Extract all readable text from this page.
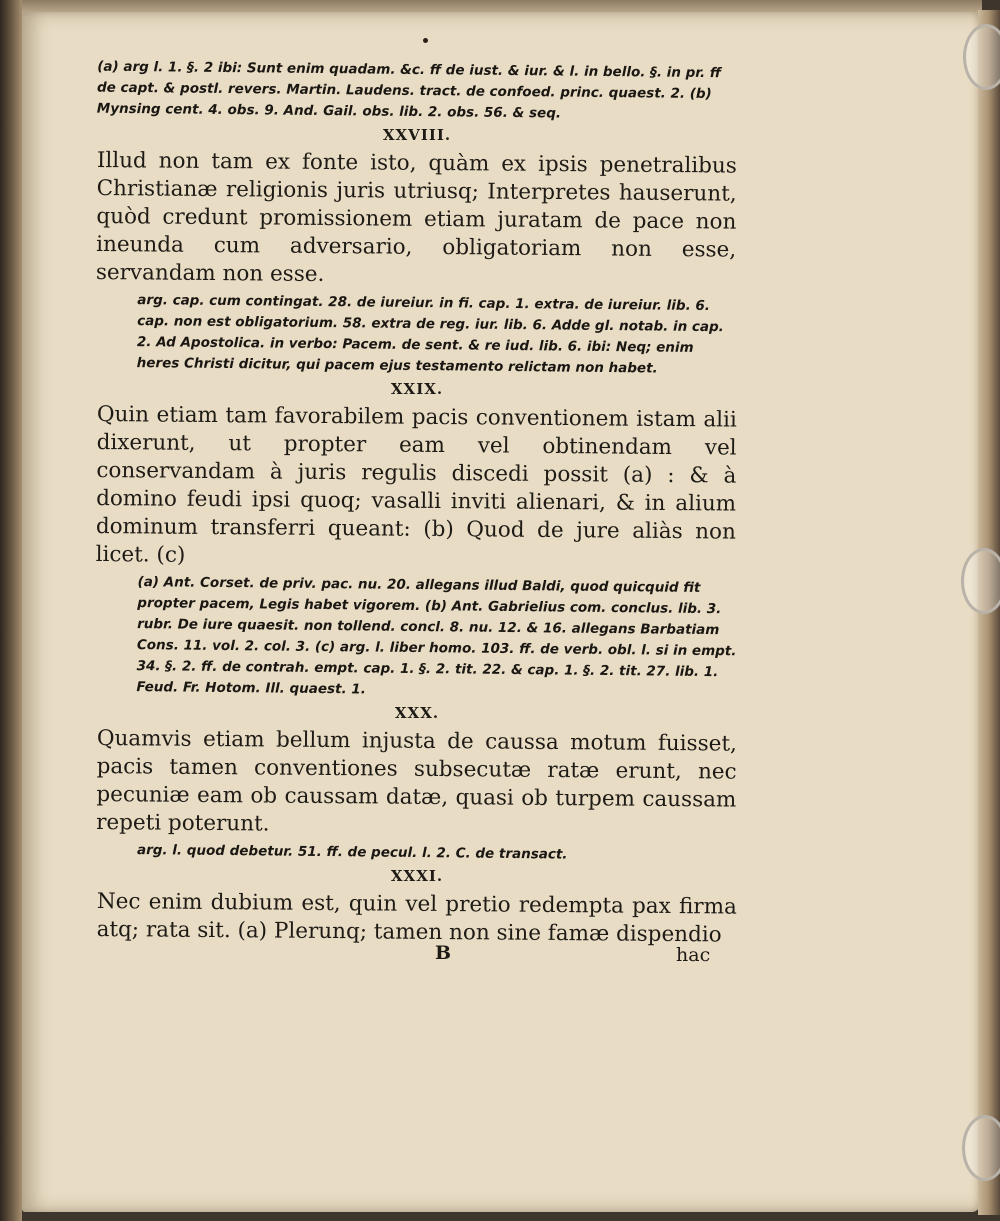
(a) arg l. 1. §. 2 ibi: Sunt enim quadam. &c. ff de iust. & iur. & l. in bello. §. in pr. ff de capt. & postl. revers. Martin. Laudens. tract. de confoed. princ. quaest. 2. (b) Mynsing cent. 4. obs. 9. And. Gail. obs. lib. 2. obs. 56. & seq.

XXVIII.

Illud non tam ex fonte isto, quàm ex ipsis penetralibus Christianæ religionis juris utriusq; Interpretes hauserunt, quòd credunt promissionem etiam juratam de pace non ineunda cum adversario, obligatoriam non esse, servandam non esse.

arg. cap. cum contingat. 28. de iureiur. in fi. cap. 1. extra. de iureiur. lib. 6. cap. non est obligatorium. 58. extra de reg. iur. lib. 6. Adde gl. notab. in cap. 2. Ad Apostolica. in verbo: Pacem. de sent. & re iud. lib. 6. ibi: Neq; enim heres Christi dicitur, qui pacem ejus testamento relictam non habet.

XXIX.

Quin etiam tam favorabilem pacis conventionem istam alii dixerunt, ut propter eam vel obtinendam vel conservandam à juris regulis discedi possit (a) : & à domino feudi ipsi quoq; vasalli inviti alienari, & in alium dominum transferri queant: (b) Quod de jure aliàs non licet. (c)

(a) Ant. Corset. de priv. pac. nu. 20. allegans illud Baldi, quod quicquid fit propter pacem, Legis habet vigorem. (b) Ant. Gabrielius com. conclus. lib. 3. rubr. De iure quaesit. non tollend. concl. 8. nu. 12. & 16. allegans Barbatiam Cons. 11. vol. 2. col. 3. (c) arg. l. liber homo. 103. ff. de verb. obl. l. si in empt. 34. §. 2. ff. de contrah. empt. cap. 1. §. 2. tit. 22. & cap. 1. §. 2. tit. 27. lib. 1. Feud. Fr. Hotom. Ill. quaest. 1.

XXX.

Quamvis etiam bellum injusta de caussa motum fuisset, pacis tamen conventiones subsecutæ ratæ erunt, nec pecuniæ eam ob caussam datæ, quasi ob turpem caussam repeti poterunt.

arg. l. quod debetur. 51. ff. de pecul. l. 2. C. de transact.

XXXI.

Nec enim dubium est, quin vel pretio redempta pax firma atq; rata sit. (a) Plerunq; tamen non sine famæ dispendio

B	hac
